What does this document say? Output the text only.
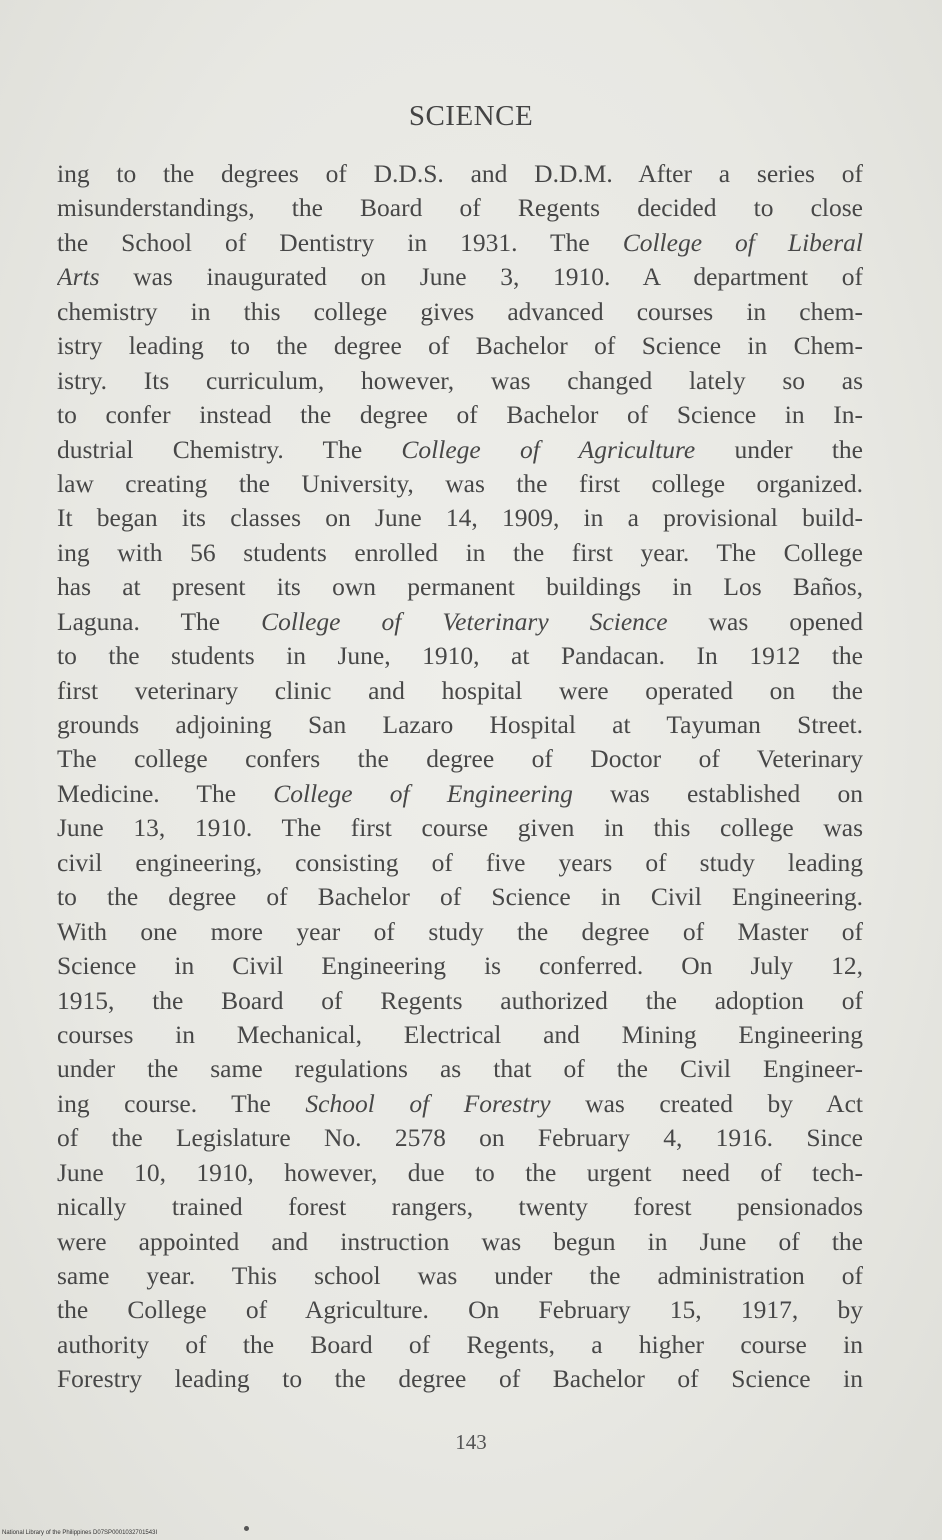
SCIENCE
ing to the degrees of D.D.S. and D.D.M. After a series of
misunderstandings, the Board of Regents decided to close
the School of Dentistry in 1931. The College of Liberal
Arts was inaugurated on June 3, 1910. A department of
chemistry in this college gives advanced courses in chem-
istry leading to the degree of Bachelor of Science in Chem-
istry. Its curriculum, however, was changed lately so as
to confer instead the degree of Bachelor of Science in In-
dustrial Chemistry. The College of Agriculture under the
law creating the University, was the first college organized.
It began its classes on June 14, 1909, in a provisional build-
ing with 56 students enrolled in the first year. The College
has at present its own permanent buildings in Los Baños,
Laguna. The College of Veterinary Science was opened
to the students in June, 1910, at Pandacan. In 1912 the
first veterinary clinic and hospital were operated on the
grounds adjoining San Lazaro Hospital at Tayuman Street.
The college confers the degree of Doctor of Veterinary
Medicine. The College of Engineering was established on
June 13, 1910. The first course given in this college was
civil engineering, consisting of five years of study leading
to the degree of Bachelor of Science in Civil Engineering.
With one more year of study the degree of Master of
Science in Civil Engineering is conferred. On July 12,
1915, the Board of Regents authorized the adoption of
courses in Mechanical, Electrical and Mining Engineering
under the same regulations as that of the Civil Engineer-
ing course. The School of Forestry was created by Act
of the Legislature No. 2578 on February 4, 1916. Since
June 10, 1910, however, due to the urgent need of tech-
nically trained forest rangers, twenty forest pensionados
were appointed and instruction was begun in June of the
same year. This school was under the administration of
the College of Agriculture. On February 15, 1917, by
authority of the Board of Regents, a higher course in
Forestry leading to the degree of Bachelor of Science in
143
National Library of the Philippines D07SP0001032701543I
